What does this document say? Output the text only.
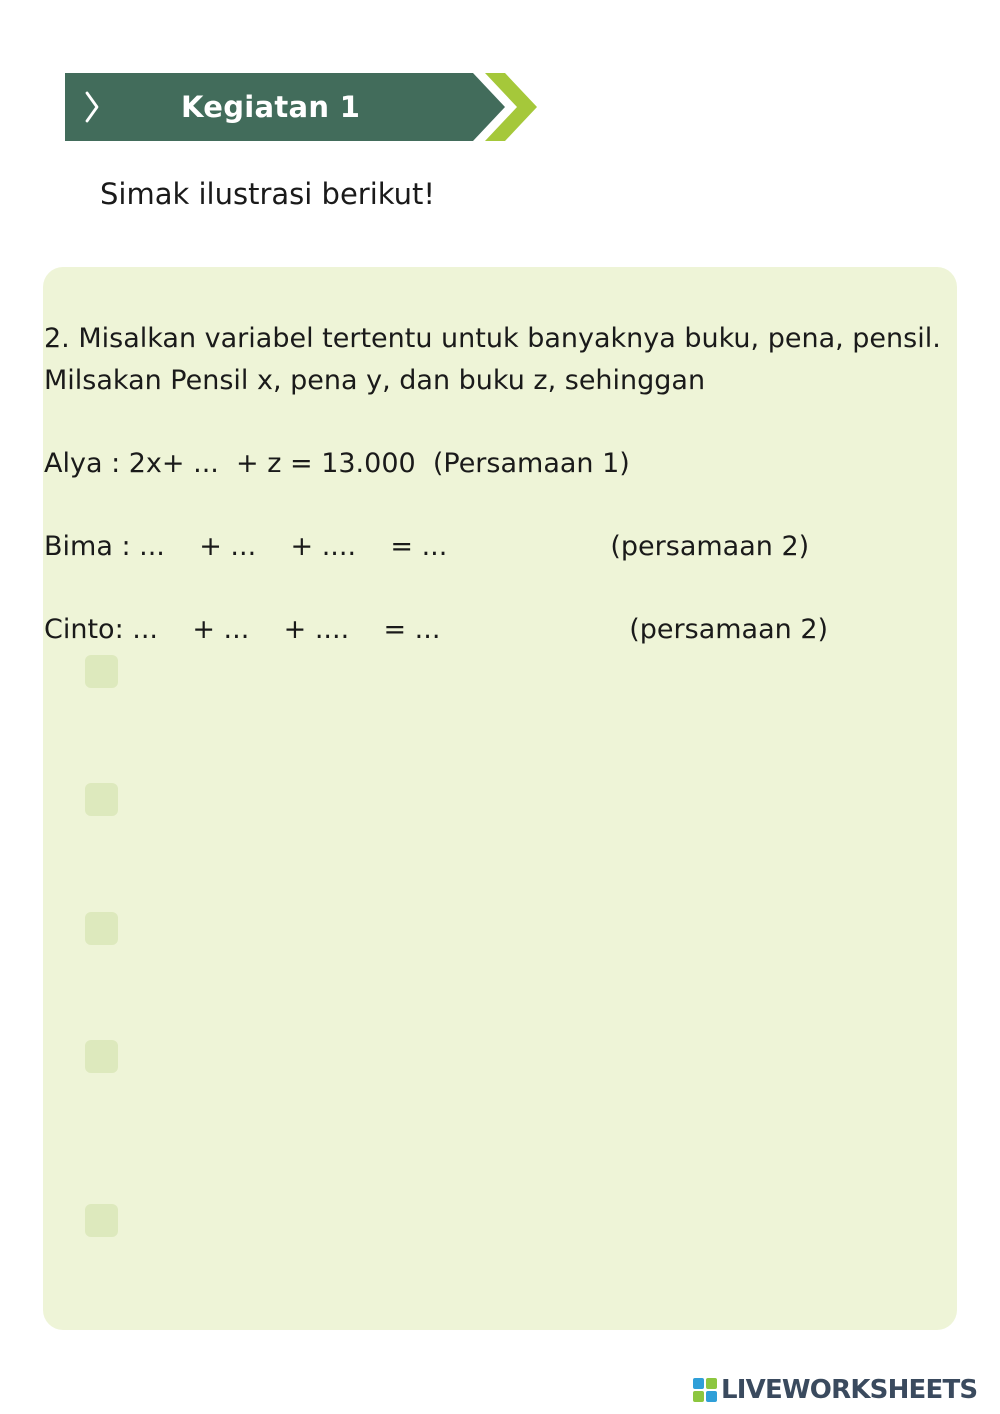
Kegiatan 1
Simak ilustrasi berikut!

2. Misalkan variabel tertentu untuk banyaknya buku, pena, pensil.

Milsakan Pensil x, pena y, dan buku z, sehinggan

Alya : 2x+ ...  + z = 13.000  (Persamaan 1)

Bima : ...    + ...    + ....    = ...                   (persamaan 2)

Cinto: ...    + ...    + ....    = ...                      (persamaan 2)

LIVEWORKSHEETS
